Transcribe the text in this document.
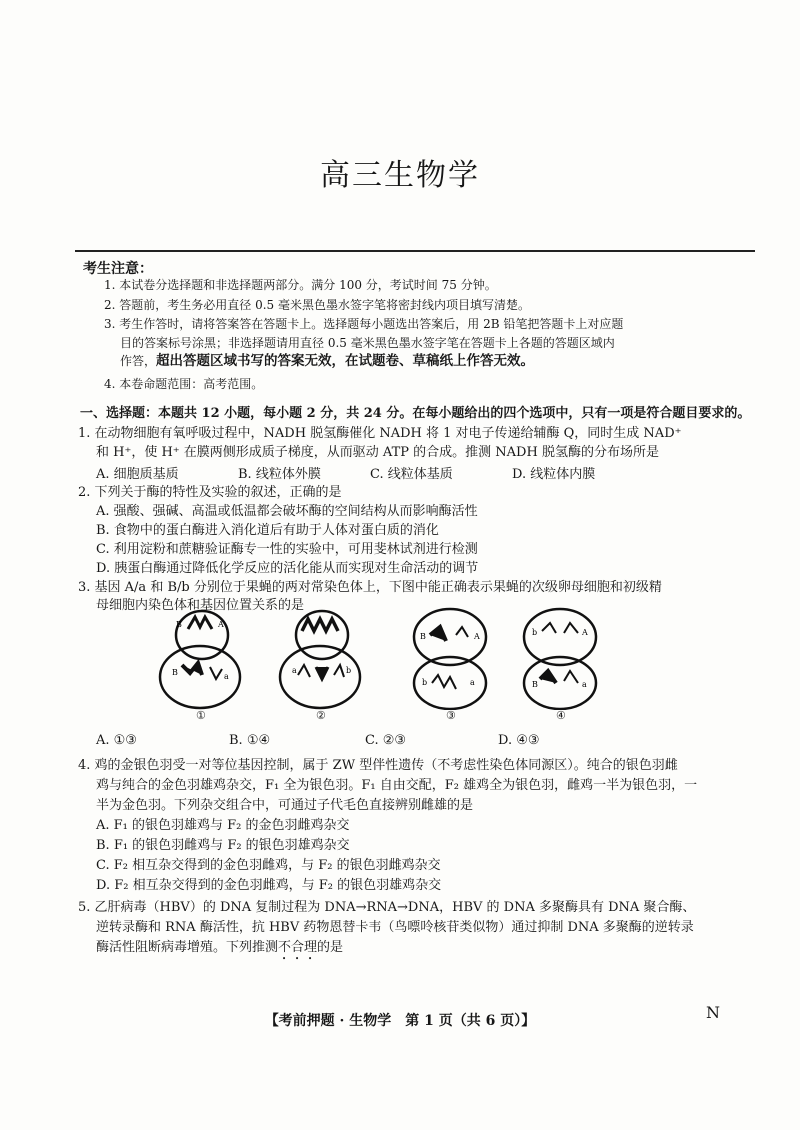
高三生物学
考生注意：
1. 本试卷分选择题和非选择题两部分。满分 100 分，考试时间 75 分钟。
2. 答题前，考生务必用直径 0.5 毫米黑色墨水签字笔将密封线内项目填写清楚。
3. 考生作答时，请将答案答在答题卡上。选择题每小题选出答案后，用 2B 铅笔把答题卡上对应题
目的答案标号涂黑；非选择题请用直径 0.5 毫米黑色墨水签字笔在答题卡上各题的答题区域内
作答，超出答题区域书写的答案无效，在试题卷、草稿纸上作答无效。
4. 本卷命题范围：高考范围。
一、选择题：本题共 12 小题，每小题 2 分，共 24 分。在每小题给出的四个选项中，只有一项是符合题目要求的。
1. 在动物细胞有氧呼吸过程中，NADH 脱氢酶催化 NADH 将 1 对电子传递给辅酶 Q，同时生成 NAD⁺
和 H⁺，使 H⁺ 在膜两侧形成质子梯度，从而驱动 ATP 的合成。推测 NADH 脱氢酶的分布场所是
A. 细胞质基质	B. 线粒体外膜	C. 线粒体基质	D. 线粒体内膜
2. 下列关于酶的特性及实验的叙述，正确的是
A. 强酸、强碱、高温或低温都会破坏酶的空间结构从而影响酶活性
B. 食物中的蛋白酶进入消化道后有助于人体对蛋白质的消化
C. 利用淀粉和蔗糖验证酶专一性的实验中，可用斐林试剂进行检测
D. 胰蛋白酶通过降低化学反应的活化能从而实现对生命活动的调节
3. 基因 A/a 和 B/b 分别位于果蝇的两对常染色体上，下图中能正确表示果蝇的次级卵母细胞和初级精
母细胞内染色体和基因位置关系的是
B	A
B	a
a	b
B	A
b	a
b	A
B	a
①	②	③	④
A. ①③	B. ①④	C. ②③	D. ④③
4. 鸡的金银色羽受一对等位基因控制，属于 ZW 型伴性遗传（不考虑性染色体同源区）。纯合的银色羽雌
鸡与纯合的金色羽雄鸡杂交，F₁ 全为银色羽。F₁ 自由交配，F₂ 雄鸡全为银色羽，雌鸡一半为银色羽，一
半为金色羽。下列杂交组合中，可通过子代毛色直接辨别雌雄的是
A. F₁ 的银色羽雄鸡与 F₂ 的金色羽雌鸡杂交
B. F₁ 的银色羽雌鸡与 F₂ 的银色羽雄鸡杂交
C. F₂ 相互杂交得到的金色羽雌鸡，与 F₂ 的银色羽雌鸡杂交
D. F₂ 相互杂交得到的金色羽雌鸡，与 F₂ 的银色羽雄鸡杂交
5. 乙肝病毒（HBV）的 DNA 复制过程为 DNA→RNA→DNA，HBV 的 DNA 多聚酶具有 DNA 聚合酶、
逆转录酶和 RNA 酶活性，抗 HBV 药物恩替卡韦（鸟嘌呤核苷类似物）通过抑制 DNA 多聚酶的逆转录
酶活性阻断病毒增殖。下列推测不合理的是
【考前押题 · 生物学　第 1 页（共 6 页）】	N
